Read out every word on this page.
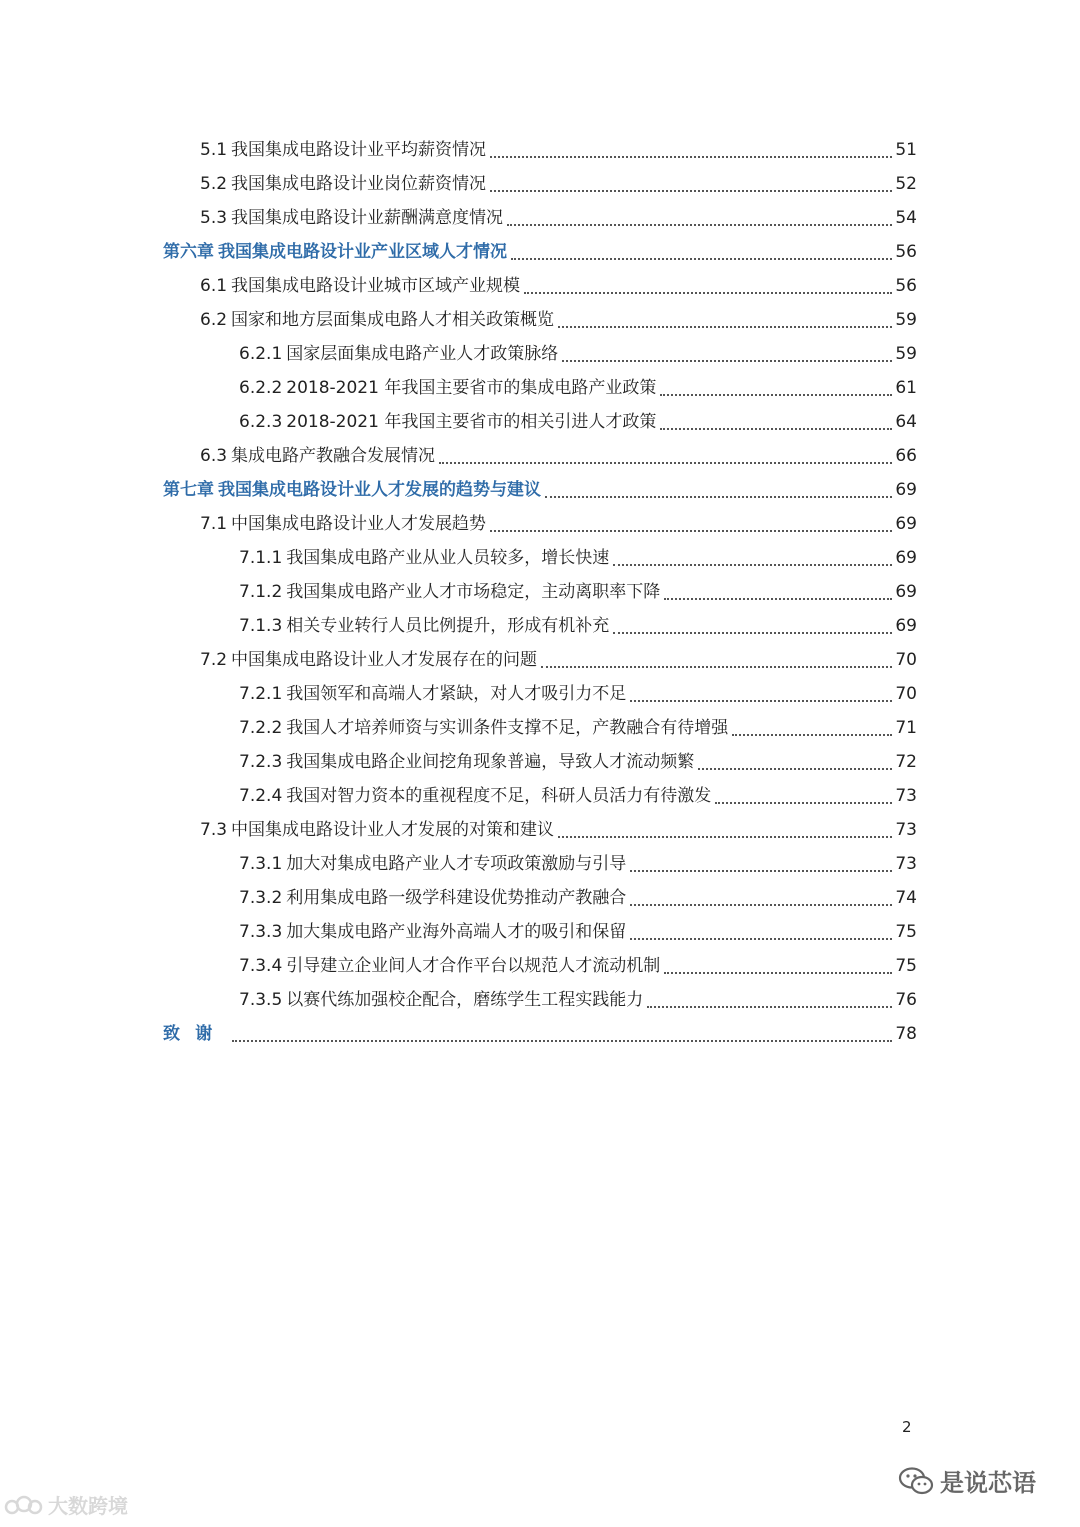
5.1 我国集成电路设计业平均薪资情况	51
5.2 我国集成电路设计业岗位薪资情况	52
5.3 我国集成电路设计业薪酬满意度情况	54
第六章 我国集成电路设计业产业区域人才情况	56
6.1 我国集成电路设计业城市区域产业规模	56
6.2 国家和地方层面集成电路人才相关政策概览	59
6.2.1 国家层面集成电路产业人才政策脉络	59
6.2.2 2018-2021 年我国主要省市的集成电路产业政策	61
6.2.3 2018-2021 年我国主要省市的相关引进人才政策	64
6.3 集成电路产教融合发展情况	66
第七章 我国集成电路设计业人才发展的趋势与建议	69
7.1 中国集成电路设计业人才发展趋势	69
7.1.1 我国集成电路产业从业人员较多，增长快速	69
7.1.2 我国集成电路产业人才市场稳定，主动离职率下降	69
7.1.3 相关专业转行人员比例提升，形成有机补充	69
7.2 中国集成电路设计业人才发展存在的问题	70
7.2.1 我国领军和高端人才紧缺，对人才吸引力不足	70
7.2.2 我国人才培养师资与实训条件支撑不足，产教融合有待增强	71
7.2.3 我国集成电路企业间挖角现象普遍，导致人才流动频繁	72
7.2.4 我国对智力资本的重视程度不足，科研人员活力有待激发	73
7.3 中国集成电路设计业人才发展的对策和建议	73
7.3.1 加大对集成电路产业人才专项政策激励与引导	73
7.3.2 利用集成电路一级学科建设优势推动产教融合	74
7.3.3 加大集成电路产业海外高端人才的吸引和保留	75
7.3.4 引导建立企业间人才合作平台以规范人才流动机制	75
7.3.5 以赛代练加强校企配合，磨练学生工程实践能力	76
致谢	78
2
大数跨境
是说芯语
